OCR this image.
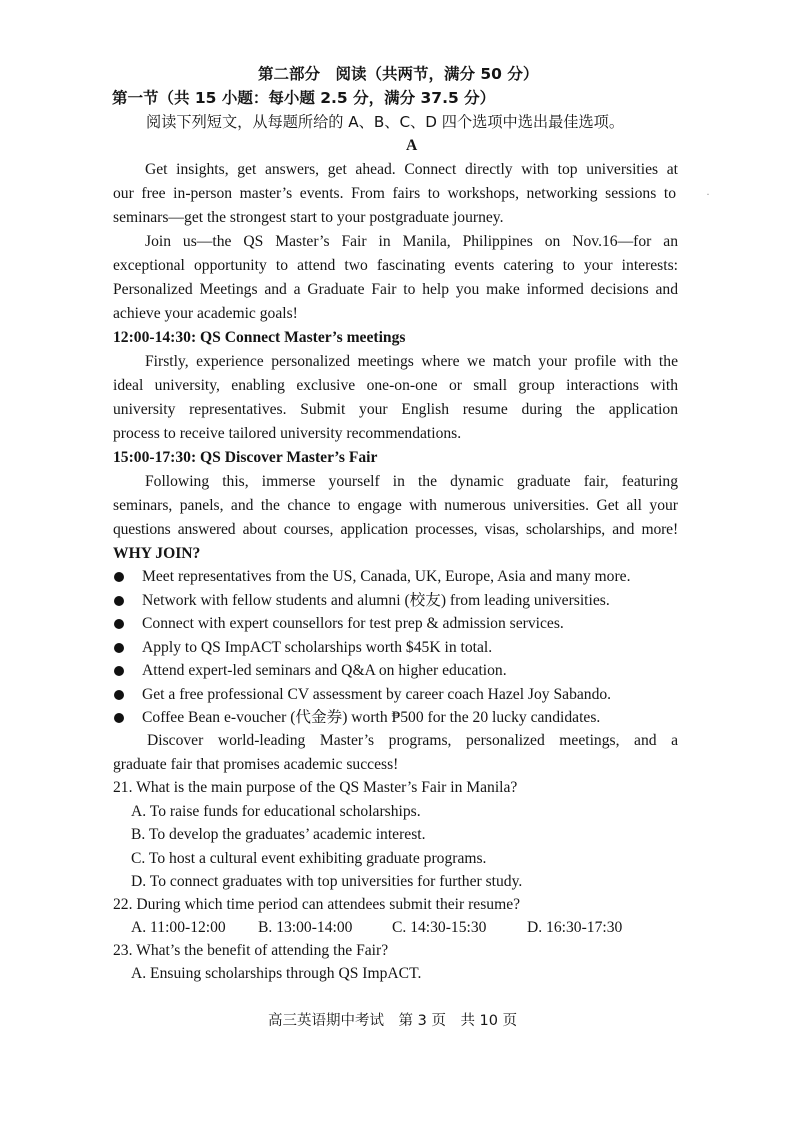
第二部分　阅读（共两节，满分 50 分）
第一节（共 15 小题：每小题 2.5 分，满分 37.5 分）
阅读下列短文，从每题所给的 A、B、C、D 四个选项中选出最佳选项。
A
Get insights, get answers, get ahead. Connect directly with top universities at
our free in-person master’s events. From fairs to workshops, networking sessions to
seminars—get the strongest start to your postgraduate journey.
Join us—the QS Master’s Fair in Manila, Philippines on Nov.16—for an
exceptional opportunity to attend two fascinating events catering to your interests:
Personalized Meetings and a Graduate Fair to help you make informed decisions and
achieve your academic goals!
12:00-14:30: QS Connect Master’s meetings
Firstly, experience personalized meetings where we match your profile with the
ideal university, enabling exclusive one-on-one or small group interactions with
university representatives. Submit your English resume during the application
process to receive tailored university recommendations.
15:00-17:30: QS Discover Master’s Fair
Following this, immerse yourself in the dynamic graduate fair, featuring
seminars, panels, and the chance to engage with numerous universities. Get all your
questions answered about courses, application processes, visas, scholarships, and more!
WHY JOIN?
Meet representatives from the US, Canada, UK, Europe, Asia and many more.
Network with fellow students and alumni (校友) from leading universities.
Connect with expert counsellors for test prep & admission services.
Apply to QS ImpACT scholarships worth $45K in total.
Attend expert-led seminars and Q&A on higher education.
Get a free professional CV assessment by career coach Hazel Joy Sabando.
Coffee Bean e-voucher (代金券) worth ₱500 for the 20 lucky candidates.
Discover world-leading Master’s programs, personalized meetings, and a
graduate fair that promises academic success!
21. What is the main purpose of the QS Master’s Fair in Manila?
A. To raise funds for educational scholarships.
B. To develop the graduates’ academic interest.
C. To host a cultural event exhibiting graduate programs.
D. To connect graduates with top universities for further study.
22. During which time period can attendees submit their resume?
A. 11:00-12:00 B. 13:00-14:00	C. 14:30-15:30	D. 16:30-17:30
23. What’s the benefit of attending the Fair?
A. Ensuing scholarships through QS ImpACT.
高三英语期中考试　第 3 页　共 10 页
·
